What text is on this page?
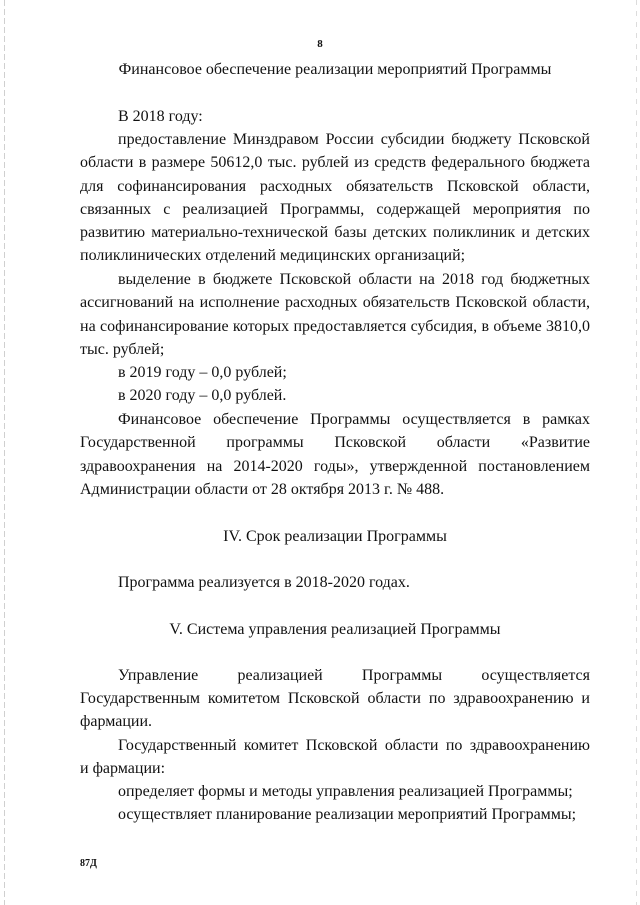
8

Финансовое обеспечение реализации мероприятий Программы

В 2018 году:

предоставление Минздравом России субсидии бюджету Псковской области в размере 50612,0 тыс. рублей из средств федерального бюджета для софинансирования расходных обязательств Псковской области, связанных с реализацией Программы, содержащей мероприятия по развитию материально-технической базы детских поликлиник и детских поликлинических отделений медицинских организаций;

выделение в бюджете Псковской области на 2018 год бюджетных ассигнований на исполнение расходных обязательств Псковской области, на софинансирование которых предоставляется субсидия, в объеме 3810,0 тыс. рублей;

в 2019 году – 0,0 рублей;

в 2020 году – 0,0 рублей.

Финансовое обеспечение Программы осуществляется в рамках Государственной программы Псковской области «Развитие здравоохранения на 2014-2020 годы», утвержденной постановлением Администрации области от 28 октября 2013 г. № 488.

IV. Срок реализации Программы

Программа реализуется в 2018-2020 годах.

V. Система управления реализацией Программы

Управление реализацией Программы осуществляется

Государственным комитетом Псковской области по здравоохранению и фармации.

Государственный комитет Псковской области по здравоохранению

и фармации:

определяет формы и методы управления реализацией Программы;

осуществляет планирование реализации мероприятий Программы;

87Д
